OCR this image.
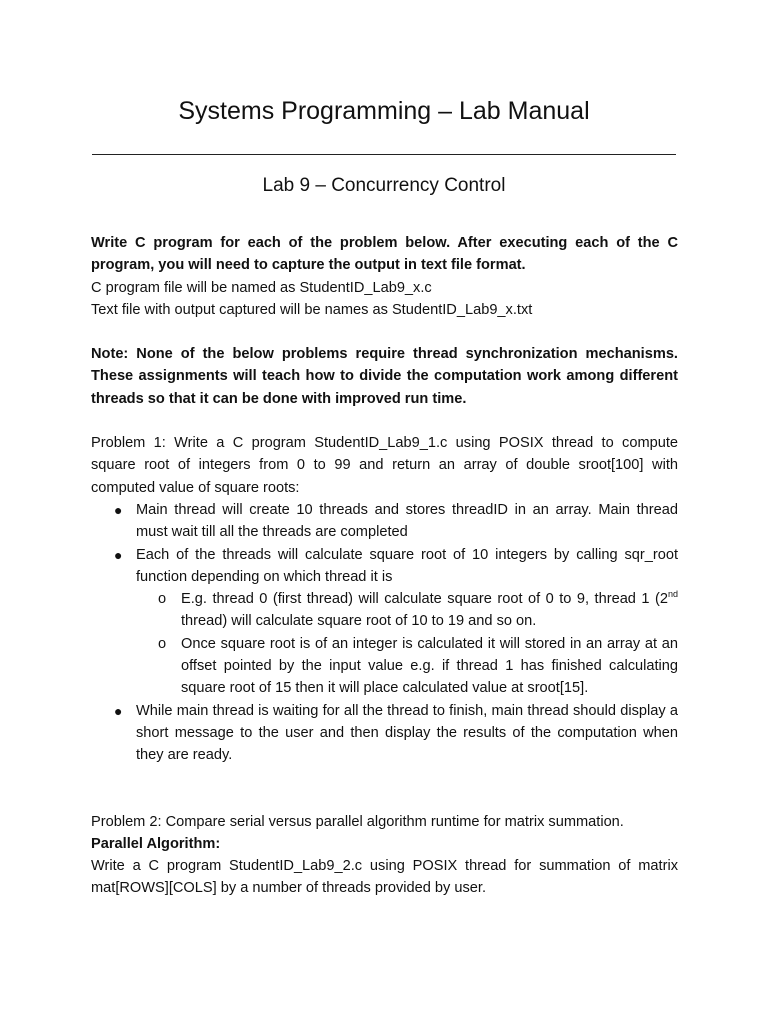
Systems Programming – Lab Manual
Lab 9 – Concurrency Control

Write C program for each of the problem below. After executing each of the C program, you will need to capture the output in text file format.

C program file will be named as StudentID_Lab9_x.c

Text file with output captured will be names as StudentID_Lab9_x.txt

Note: None of the below problems require thread synchronization mechanisms. These assignments will teach how to divide the computation work among different threads so that it can be done with improved run time.

Problem 1: Write a C program StudentID_Lab9_1.c using POSIX thread to compute square root of integers from 0 to 99 and return an array of double sroot[100] with computed value of square roots:

● Main thread will create 10 threads and stores threadID in an array. Main thread must wait till all the threads are completed
● Each of the threads will calculate square root of 10 integers by calling sqr_root function depending on which thread it is
o E.g. thread 0 (first thread) will calculate square root of 0 to 9, thread 1 (2nd thread) will calculate square root of 10 to 19 and so on.
o Once square root is of an integer is calculated it will stored in an array at an offset pointed by the input value e.g. if thread 1 has finished calculating square root of 15 then it will place calculated value at sroot[15].
● While main thread is waiting for all the thread to finish, main thread should display a short message to the user and then display the results of the computation when they are ready.

Problem 2: Compare serial versus parallel algorithm runtime for matrix summation.

Parallel Algorithm:

Write a C program StudentID_Lab9_2.c using POSIX thread for summation of matrix mat[ROWS][COLS] by a number of threads provided by user.
